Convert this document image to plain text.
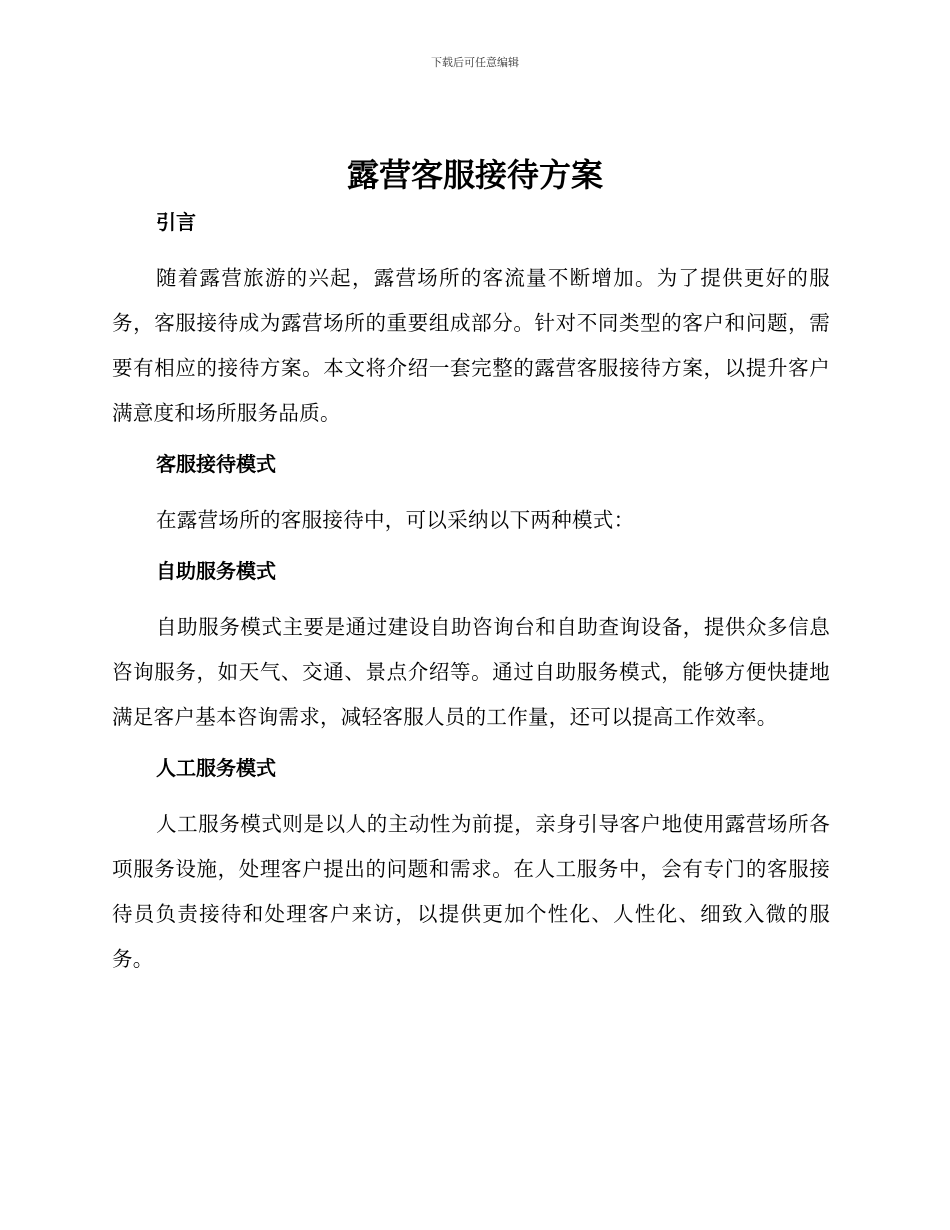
下载后可任意编辑
露营客服接待方案
引言

随着露营旅游的兴起，露营场所的客流量不断增加。为了提供更好的服务，客服接待成为露营场所的重要组成部分。针对不同类型的客户和问题，需要有相应的接待方案。本文将介绍一套完整的露营客服接待方案，以提升客户满意度和场所服务品质。

客服接待模式

在露营场所的客服接待中，可以采纳以下两种模式：

自助服务模式

自助服务模式主要是通过建设自助咨询台和自助查询设备，提供众多信息咨询服务，如天气、交通、景点介绍等。通过自助服务模式，能够方便快捷地满足客户基本咨询需求，减轻客服人员的工作量，还可以提高工作效率。

人工服务模式

人工服务模式则是以人的主动性为前提，亲身引导客户地使用露营场所各项服务设施，处理客户提出的问题和需求。在人工服务中，会有专门的客服接待员负责接待和处理客户来访，以提供更加个性化、人性化、细致入微的服务。
